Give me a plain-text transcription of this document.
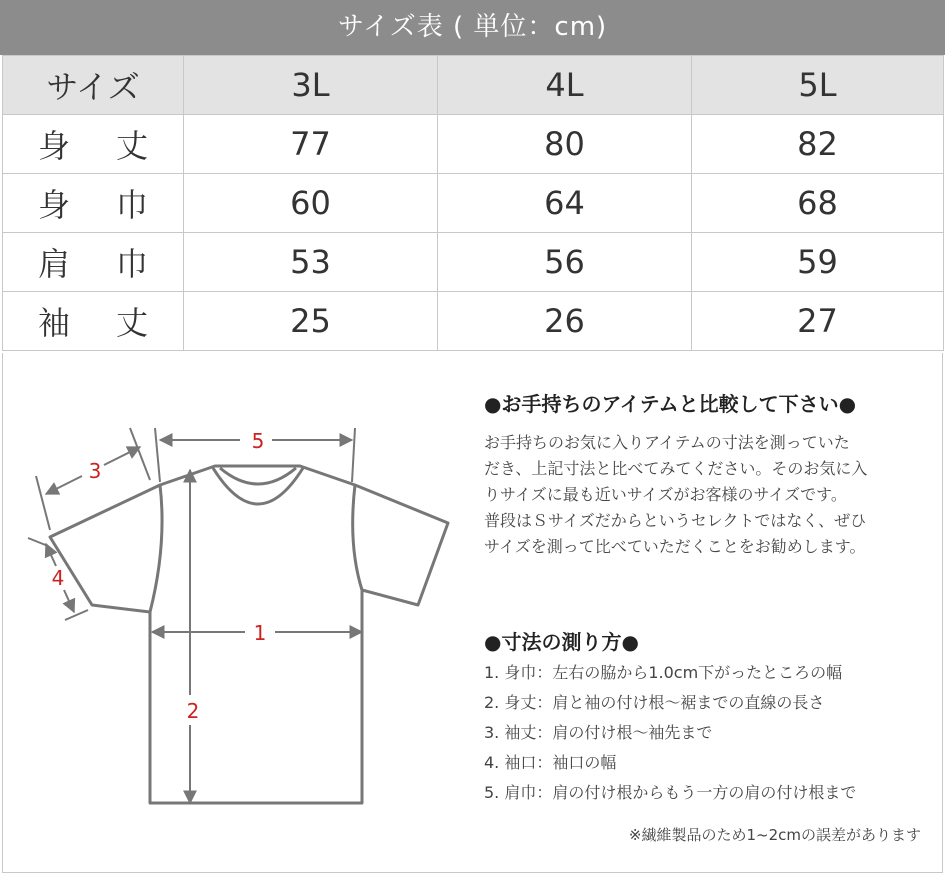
サイズ表 ( 単位：cm)
サイズ	3L	4L	5L
身 丈	77	80	82
身 巾	60	64	68
肩 巾	53	56	59
袖 丈	25	26	27
5
3
4
1
2
●お手持ちのアイテムと比較して下さい●
お手持ちのお気に入りアイテムの寸法を測っていた
だき、上記寸法と比べてみてください。そのお気に入
りサイズに最も近いサイズがお客様のサイズです。
普段はＳサイズだからというセレクトではなく、ぜひ
サイズを測って比べていただくことをお勧めします。
●寸法の測り方●
1. 身巾：左右の脇から1.0cm下がったところの幅
2. 身丈：肩と袖の付け根～裾までの直線の長さ
3. 袖丈：肩の付け根～袖先まで
4. 袖口：袖口の幅
5. 肩巾：肩の付け根からもう一方の肩の付け根まで
※繊維製品のため1~2cmの誤差があります
